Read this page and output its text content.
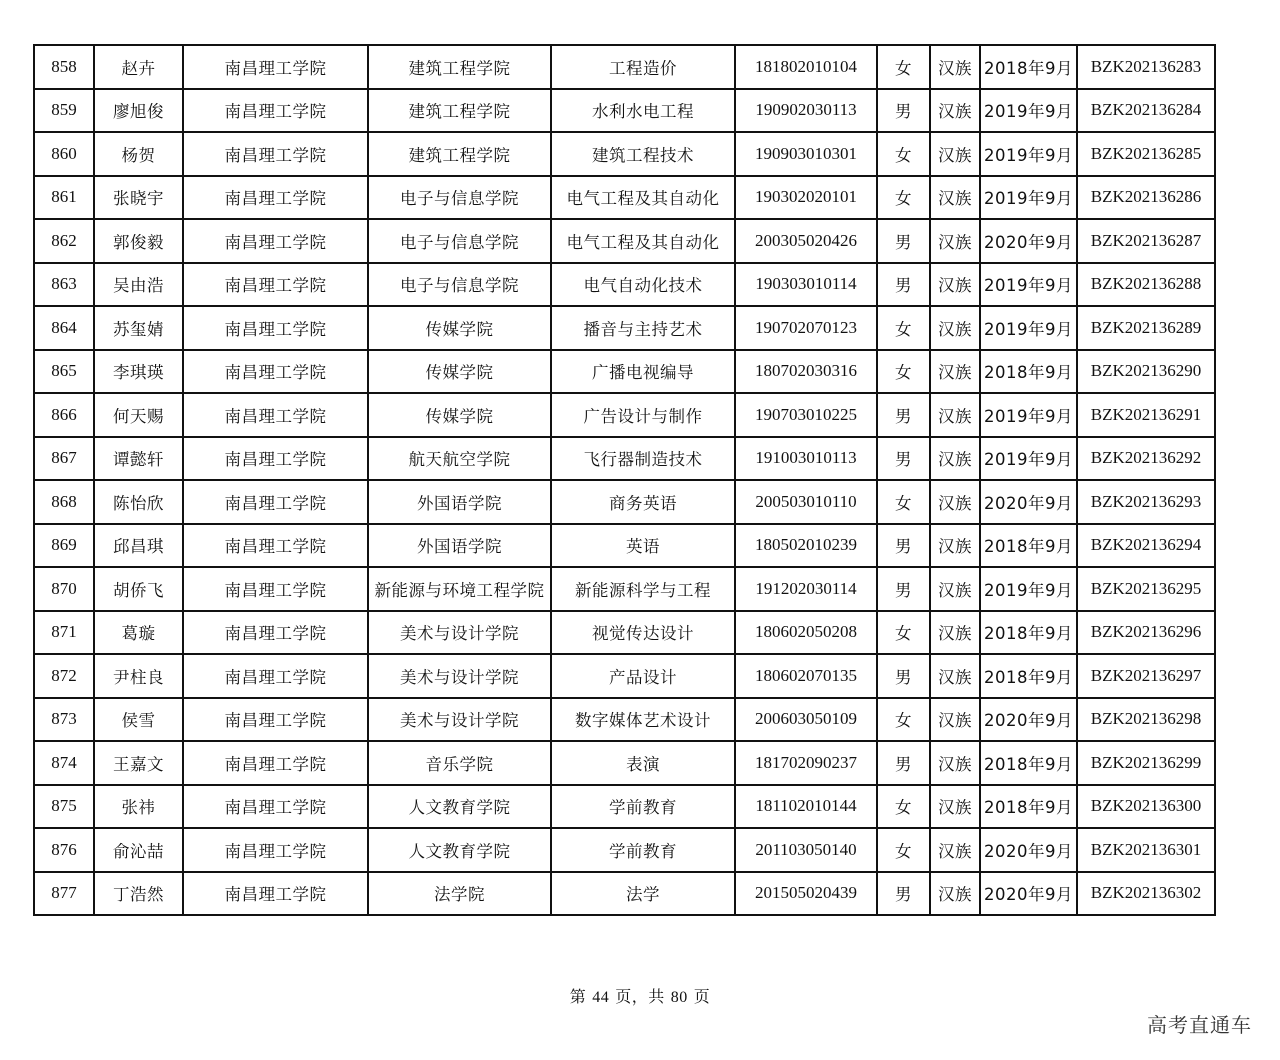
858	赵卉	南昌理工学院	建筑工程学院	工程造价	181802010104	女	汉族	2018年9月	BZK202136283
859	廖旭俊	南昌理工学院	建筑工程学院	水利水电工程	190902030113	男	汉族	2019年9月	BZK202136284
860	杨贺	南昌理工学院	建筑工程学院	建筑工程技术	190903010301	女	汉族	2019年9月	BZK202136285
861	张晓宇	南昌理工学院	电子与信息学院	电气工程及其自动化	190302020101	女	汉族	2019年9月	BZK202136286
862	郭俊毅	南昌理工学院	电子与信息学院	电气工程及其自动化	200305020426	男	汉族	2020年9月	BZK202136287
863	吴由浩	南昌理工学院	电子与信息学院	电气自动化技术	190303010114	男	汉族	2019年9月	BZK202136288
864	苏玺婧	南昌理工学院	传媒学院	播音与主持艺术	190702070123	女	汉族	2019年9月	BZK202136289
865	李琪瑛	南昌理工学院	传媒学院	广播电视编导	180702030316	女	汉族	2018年9月	BZK202136290
866	何天赐	南昌理工学院	传媒学院	广告设计与制作	190703010225	男	汉族	2019年9月	BZK202136291
867	谭懿轩	南昌理工学院	航天航空学院	飞行器制造技术	191003010113	男	汉族	2019年9月	BZK202136292
868	陈怡欣	南昌理工学院	外国语学院	商务英语	200503010110	女	汉族	2020年9月	BZK202136293
869	邱昌琪	南昌理工学院	外国语学院	英语	180502010239	男	汉族	2018年9月	BZK202136294
870	胡侨飞	南昌理工学院	新能源与环境工程学院	新能源科学与工程	191202030114	男	汉族	2019年9月	BZK202136295
871	葛璇	南昌理工学院	美术与设计学院	视觉传达设计	180602050208	女	汉族	2018年9月	BZK202136296
872	尹柱良	南昌理工学院	美术与设计学院	产品设计	180602070135	男	汉族	2018年9月	BZK202136297
873	侯雪	南昌理工学院	美术与设计学院	数字媒体艺术设计	200603050109	女	汉族	2020年9月	BZK202136298
874	王嘉文	南昌理工学院	音乐学院	表演	181702090237	男	汉族	2018年9月	BZK202136299
875	张祎	南昌理工学院	人文教育学院	学前教育	181102010144	女	汉族	2018年9月	BZK202136300
876	俞沁喆	南昌理工学院	人文教育学院	学前教育	201103050140	女	汉族	2020年9月	BZK202136301
877	丁浩然	南昌理工学院	法学院	法学	201505020439	男	汉族	2020年9月	BZK202136302
第 44 页，共 80 页
高考直通车
